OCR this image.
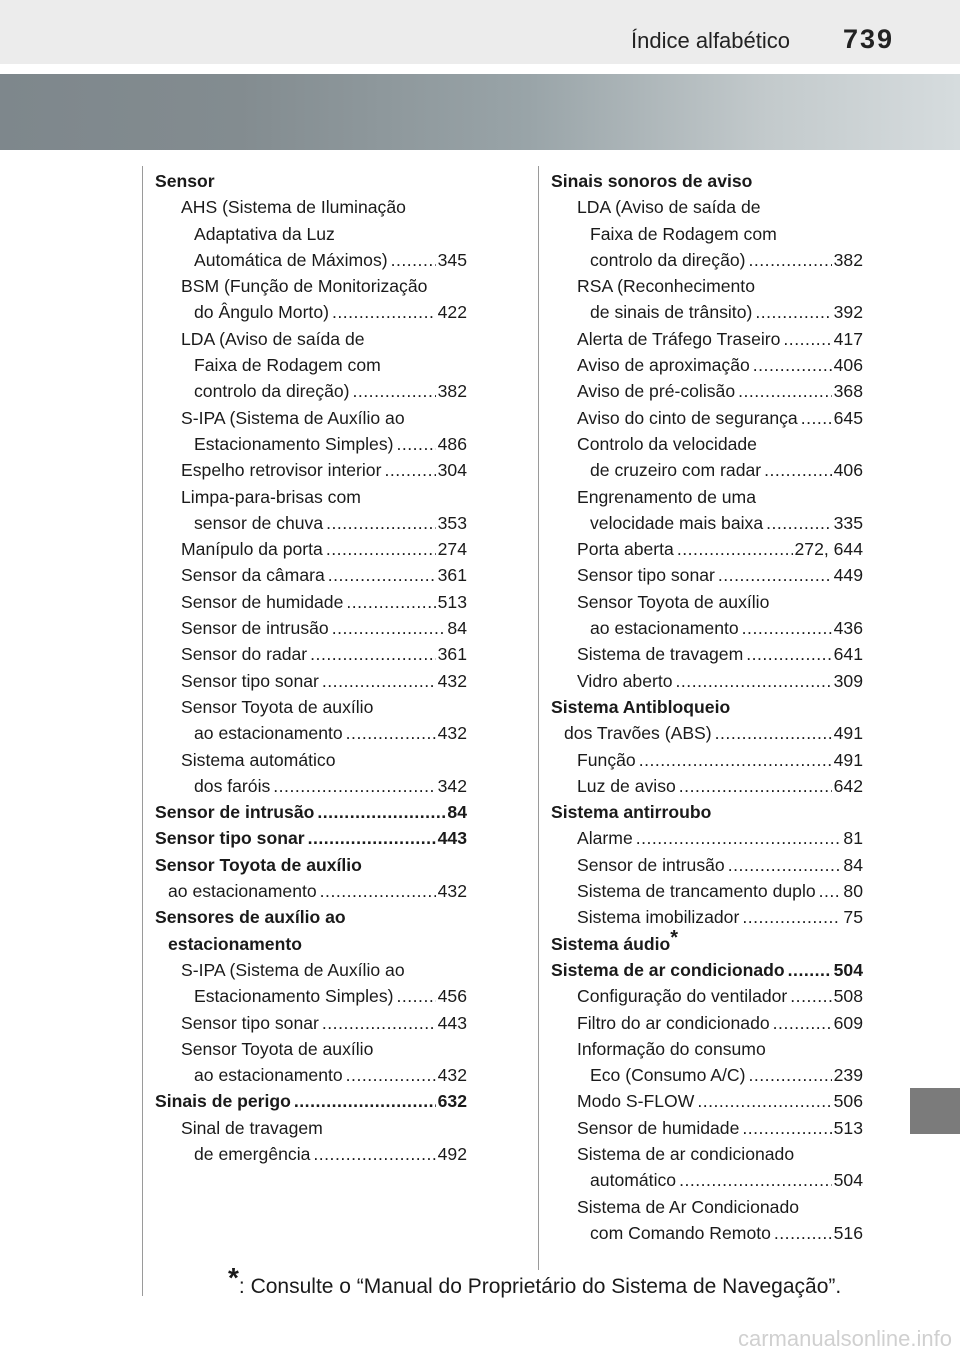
Índice alfabético 739
Sensor
AHS (Sistema de Iluminação
Adaptativa da Luz
Automática de Máximos) .....	345
BSM (Função de Monitorização
do Ângulo Morto) .....	422
LDA (Aviso de saída de
Faixa de Rodagem com
controlo da direção) .....	382
S-IPA (Sistema de Auxílio ao
Estacionamento Simples) .....	486
Espelho retrovisor interior .....	304
Limpa-para-brisas com
sensor de chuva .....	353
Manípulo da porta .....	274
Sensor da câmara .....	361
Sensor de humidade .....	513
Sensor de intrusão .....	84
Sensor do radar .....	361
Sensor tipo sonar .....	432
Sensor Toyota de auxílio
ao estacionamento .....	432
Sistema automático
dos faróis .....	342
Sensor de intrusão .....	84
Sensor tipo sonar .....	443
Sensor Toyota de auxílio
ao estacionamento .....	432
Sensores de auxílio ao
estacionamento
S-IPA (Sistema de Auxílio ao
Estacionamento Simples) .....	456
Sensor tipo sonar .....	443
Sensor Toyota de auxílio
ao estacionamento .....	432
Sinais de perigo .....	632
Sinal de travagem
de emergência .....	492
Sinais sonoros de aviso
LDA (Aviso de saída de
Faixa de Rodagem com
controlo da direção) .....	382
RSA (Reconhecimento
de sinais de trânsito) .....	392
Alerta de Tráfego Traseiro .....	417
Aviso de aproximação .....	406
Aviso de pré-colisão .....	368
Aviso do cinto de segurança ..... 645
Controlo da velocidade
de cruzeiro com radar .....	406
Engrenamento de uma
velocidade mais baixa .....	335
Porta aberta .....	272, 644
Sensor tipo sonar .....	449
Sensor Toyota de auxílio
ao estacionamento .....	436
Sistema de travagem .....	641
Vidro aberto .....	309
Sistema Antibloqueio
dos Travões (ABS) .....	491
Função .....	491
Luz de aviso .....	642
Sistema antirroubo
Alarme .....	81
Sensor de intrusão .....	84
Sistema de trancamento duplo ..... 80
Sistema imobilizador .....	75
Sistema áudio*
Sistema de ar condicionado .....	504
Configuração do ventilador .....	508
Filtro do ar condicionado .....	609
Informação do consumo
Eco (Consumo A/C) .....	239
Modo S-FLOW .....	506
Sensor de humidade .....	513
Sistema de ar condicionado
automático .....	504
Sistema de Ar Condicionado
com Comando Remoto .....	516
*: Consulte o “Manual do Proprietário do Sistema de Navegação”.
carmanualsonline.info
